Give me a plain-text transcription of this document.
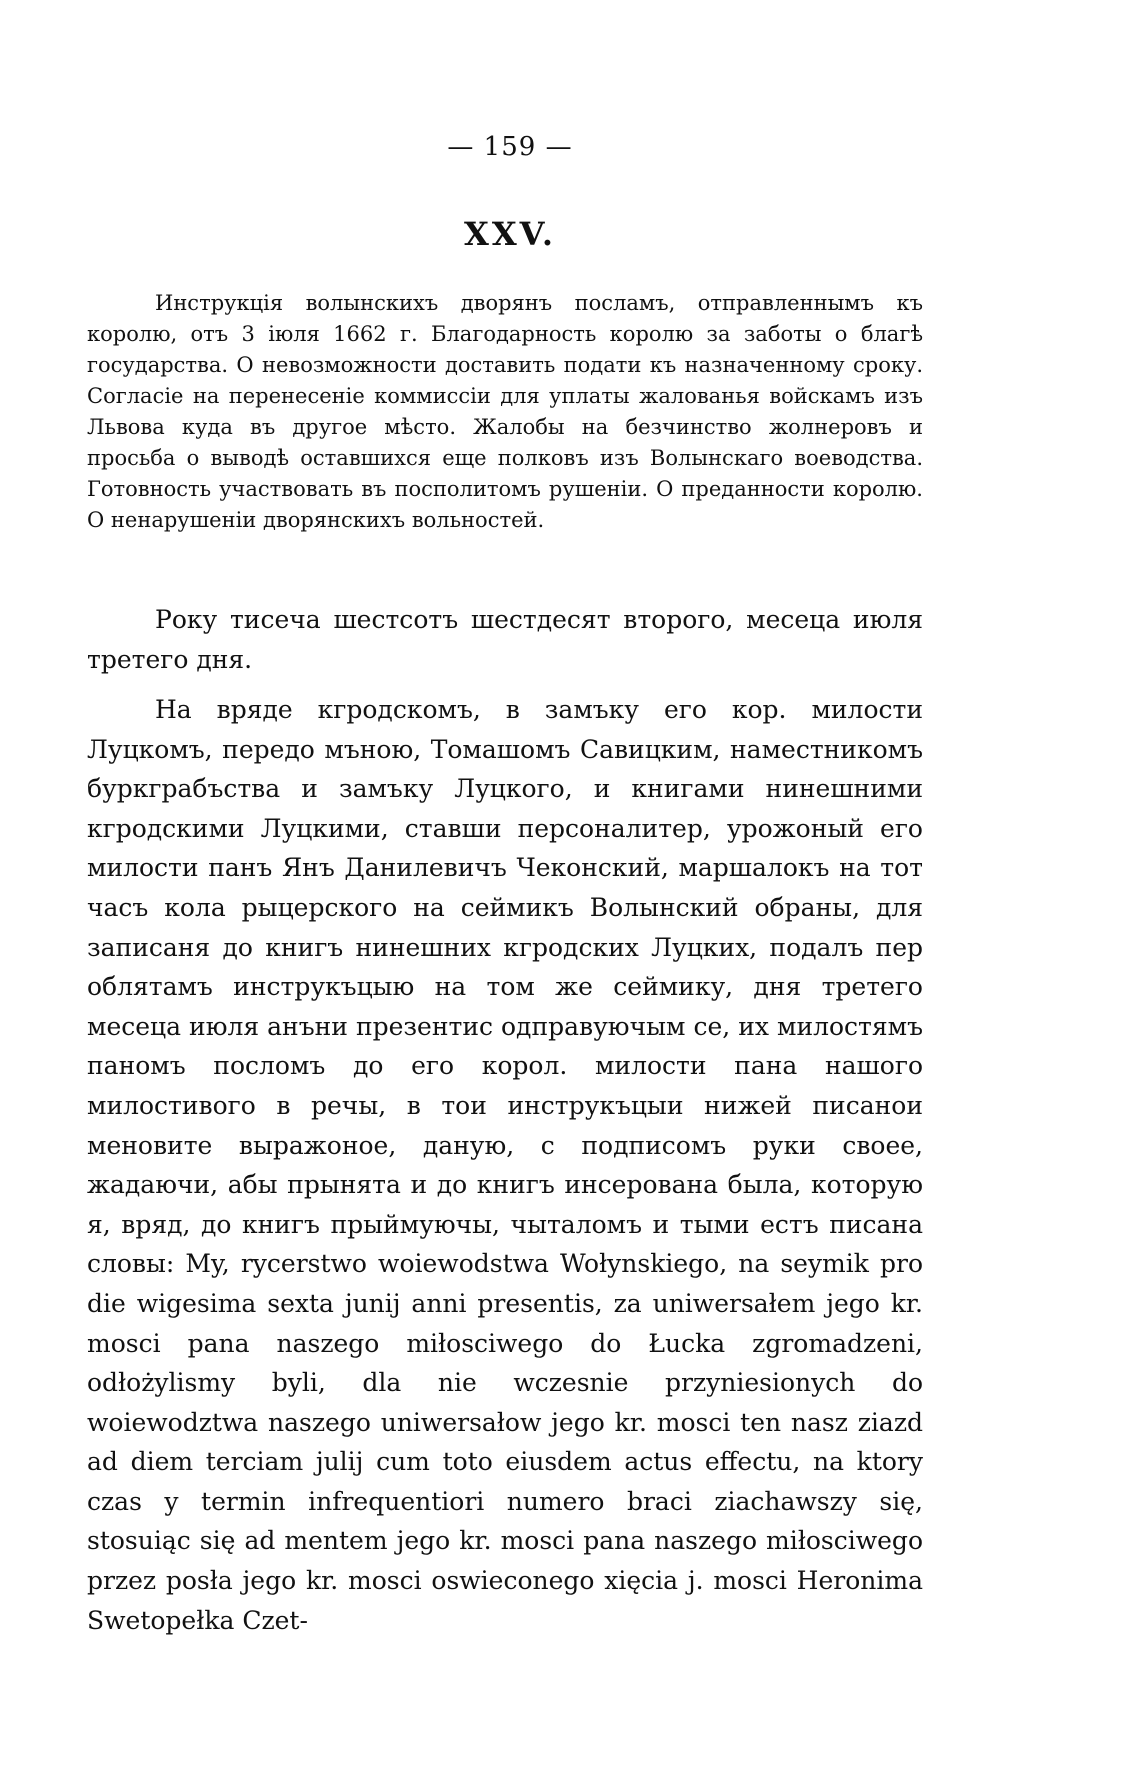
— 159 —
XXV.

Инструкція волынскихъ дворянъ посламъ, отправленнымъ къ королю, отъ 3 іюля 1662 г. Благодарность королю за заботы о благѣ государства. О невозможности доставить подати къ назначенному сроку. Согласіе на перенесеніе коммиссіи для уплаты жалованья войскамъ изъ Львова куда въ другое мѣсто. Жалобы на безчинство жолнеровъ и просьба о выводѣ оставшихся еще полковъ изъ Волынскаго воеводства. Готовность участвовать въ посполитомъ рушеніи. О преданности королю. О ненарушеніи дворянскихъ вольностей.

Року тисеча шестсотъ шестдесят второго, месеца июля третего дня.

На вряде кгродскомъ, в замъку его кор. милости Луцкомъ, передо мъною, Томашомъ Савицким, наместникомъ буркграбъства и замъку Луцкого, и книгами нинешними кгродскими Луцкими, ставши персоналитер, урожоный его милости панъ Янъ Данилевичъ Чеконский, маршалокъ на тот часъ кола рыцерского на сеймикъ Волынский обраны, для записаня до книгъ нинешних кгродских Луцких, подалъ пер облятамъ инструкъцыю на том же сеймику, дня третего месеца июля анъни презентис одправуючым се, их милостямъ паномъ посломъ до его корол. милости пана нашого милостивого в речы, в тои инструкъцыи нижей писанои меновите выражоное, даную, с подписомъ руки своее, жадаючи, абы прынята и до книгъ инсерована была, которую я, вряд, до книгъ прыймуючы, чыталомъ и тыми естъ писана словы: My, rycerstwo woiewodstwa Wołynskiego, na seymik pro die wigesima sexta junij anni presentis, za uniwersałem jego kr. mosci pana naszego miłosciwego do Łucka zgromadzeni, odłożylismy byli, dla nie wczesnie przyniesionych do woiewodztwa naszego uniwersałow jego kr. mosci ten nasz ziazd ad diem terciam julij cum toto eiusdem actus effectu, na ktory czas y termin infrequentiori numero braci ziachawszy się, stosuiąc się ad mentem jego kr. mosci pana naszego miłosciwego przez posła jego kr. mosci oswieconego xięcia j. mosci Heronima Swetopełka Czet-
